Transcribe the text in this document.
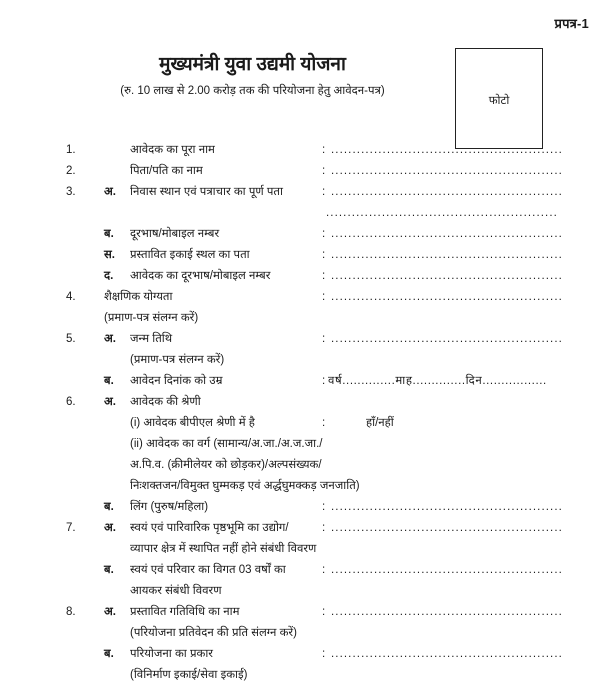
प्रपत्र-1
मुख्यमंत्री युवा उद्यमी योजना
(रु. 10 लाख से 2.00 करोड़ तक की परियोजना हेतु आवेदन-पत्र)
फोटो
1.	आवेदक का पूरा नाम	: ......................................................
2.	पिता/पति का नाम	: ......................................................
3.	अ.	निवास स्थान एवं पत्राचार का पूर्ण पता	: ......................................................
......................................................
ब.	दूरभाष/मोबाइल नम्बर	: ......................................................
स.	प्रस्तावित इकाई स्थल का पता	: ......................................................
द.	आवेदक का दूरभाष/मोबाइल नम्बर	: ......................................................
4.	शैक्षणिक योग्यता	: ......................................................
(प्रमाण-पत्र संलग्न करें)
5.	अ.	जन्म तिथि	: ......................................................
(प्रमाण-पत्र संलग्न करें)
ब.	आवेदन दिनांक को उम्र	: वर्ष..............माह..............दिन.................
6.	अ.	आवेदक की श्रेणी
(i) आवेदक बीपीएल श्रेणी में है	:	हाँ/नहीं
(ii) आवेदक का वर्ग (सामान्य/अ.जा./अ.ज.जा./
अ.पि.व. (क्रीमीलेयर को छोड़कर)/अल्पसंख्यक/
निःशक्तजन/विमुक्त घुम्मकड़ एवं अर्द्धघुमक्कड़ जनजाति)
ब.	लिंग (पुरुष/महिला)	: ......................................................
7.	अ.	स्वयं एवं पारिवारिक पृष्ठभूमि का उद्योग/	: ......................................................
व्यापार क्षेत्र में स्थापित नहीं होने संबंधी विवरण
ब.	स्वयं एवं परिवार का विगत 03 वर्षों का	: ......................................................
आयकर संबंधी विवरण
8.	अ.	प्रस्तावित गतिविधि का नाम	: ......................................................
(परियोजना प्रतिवेदन की प्रति संलग्न करें)
ब.	परियोजना का प्रकार	: ......................................................
(विनिर्माण इकाई/सेवा इकाई)
